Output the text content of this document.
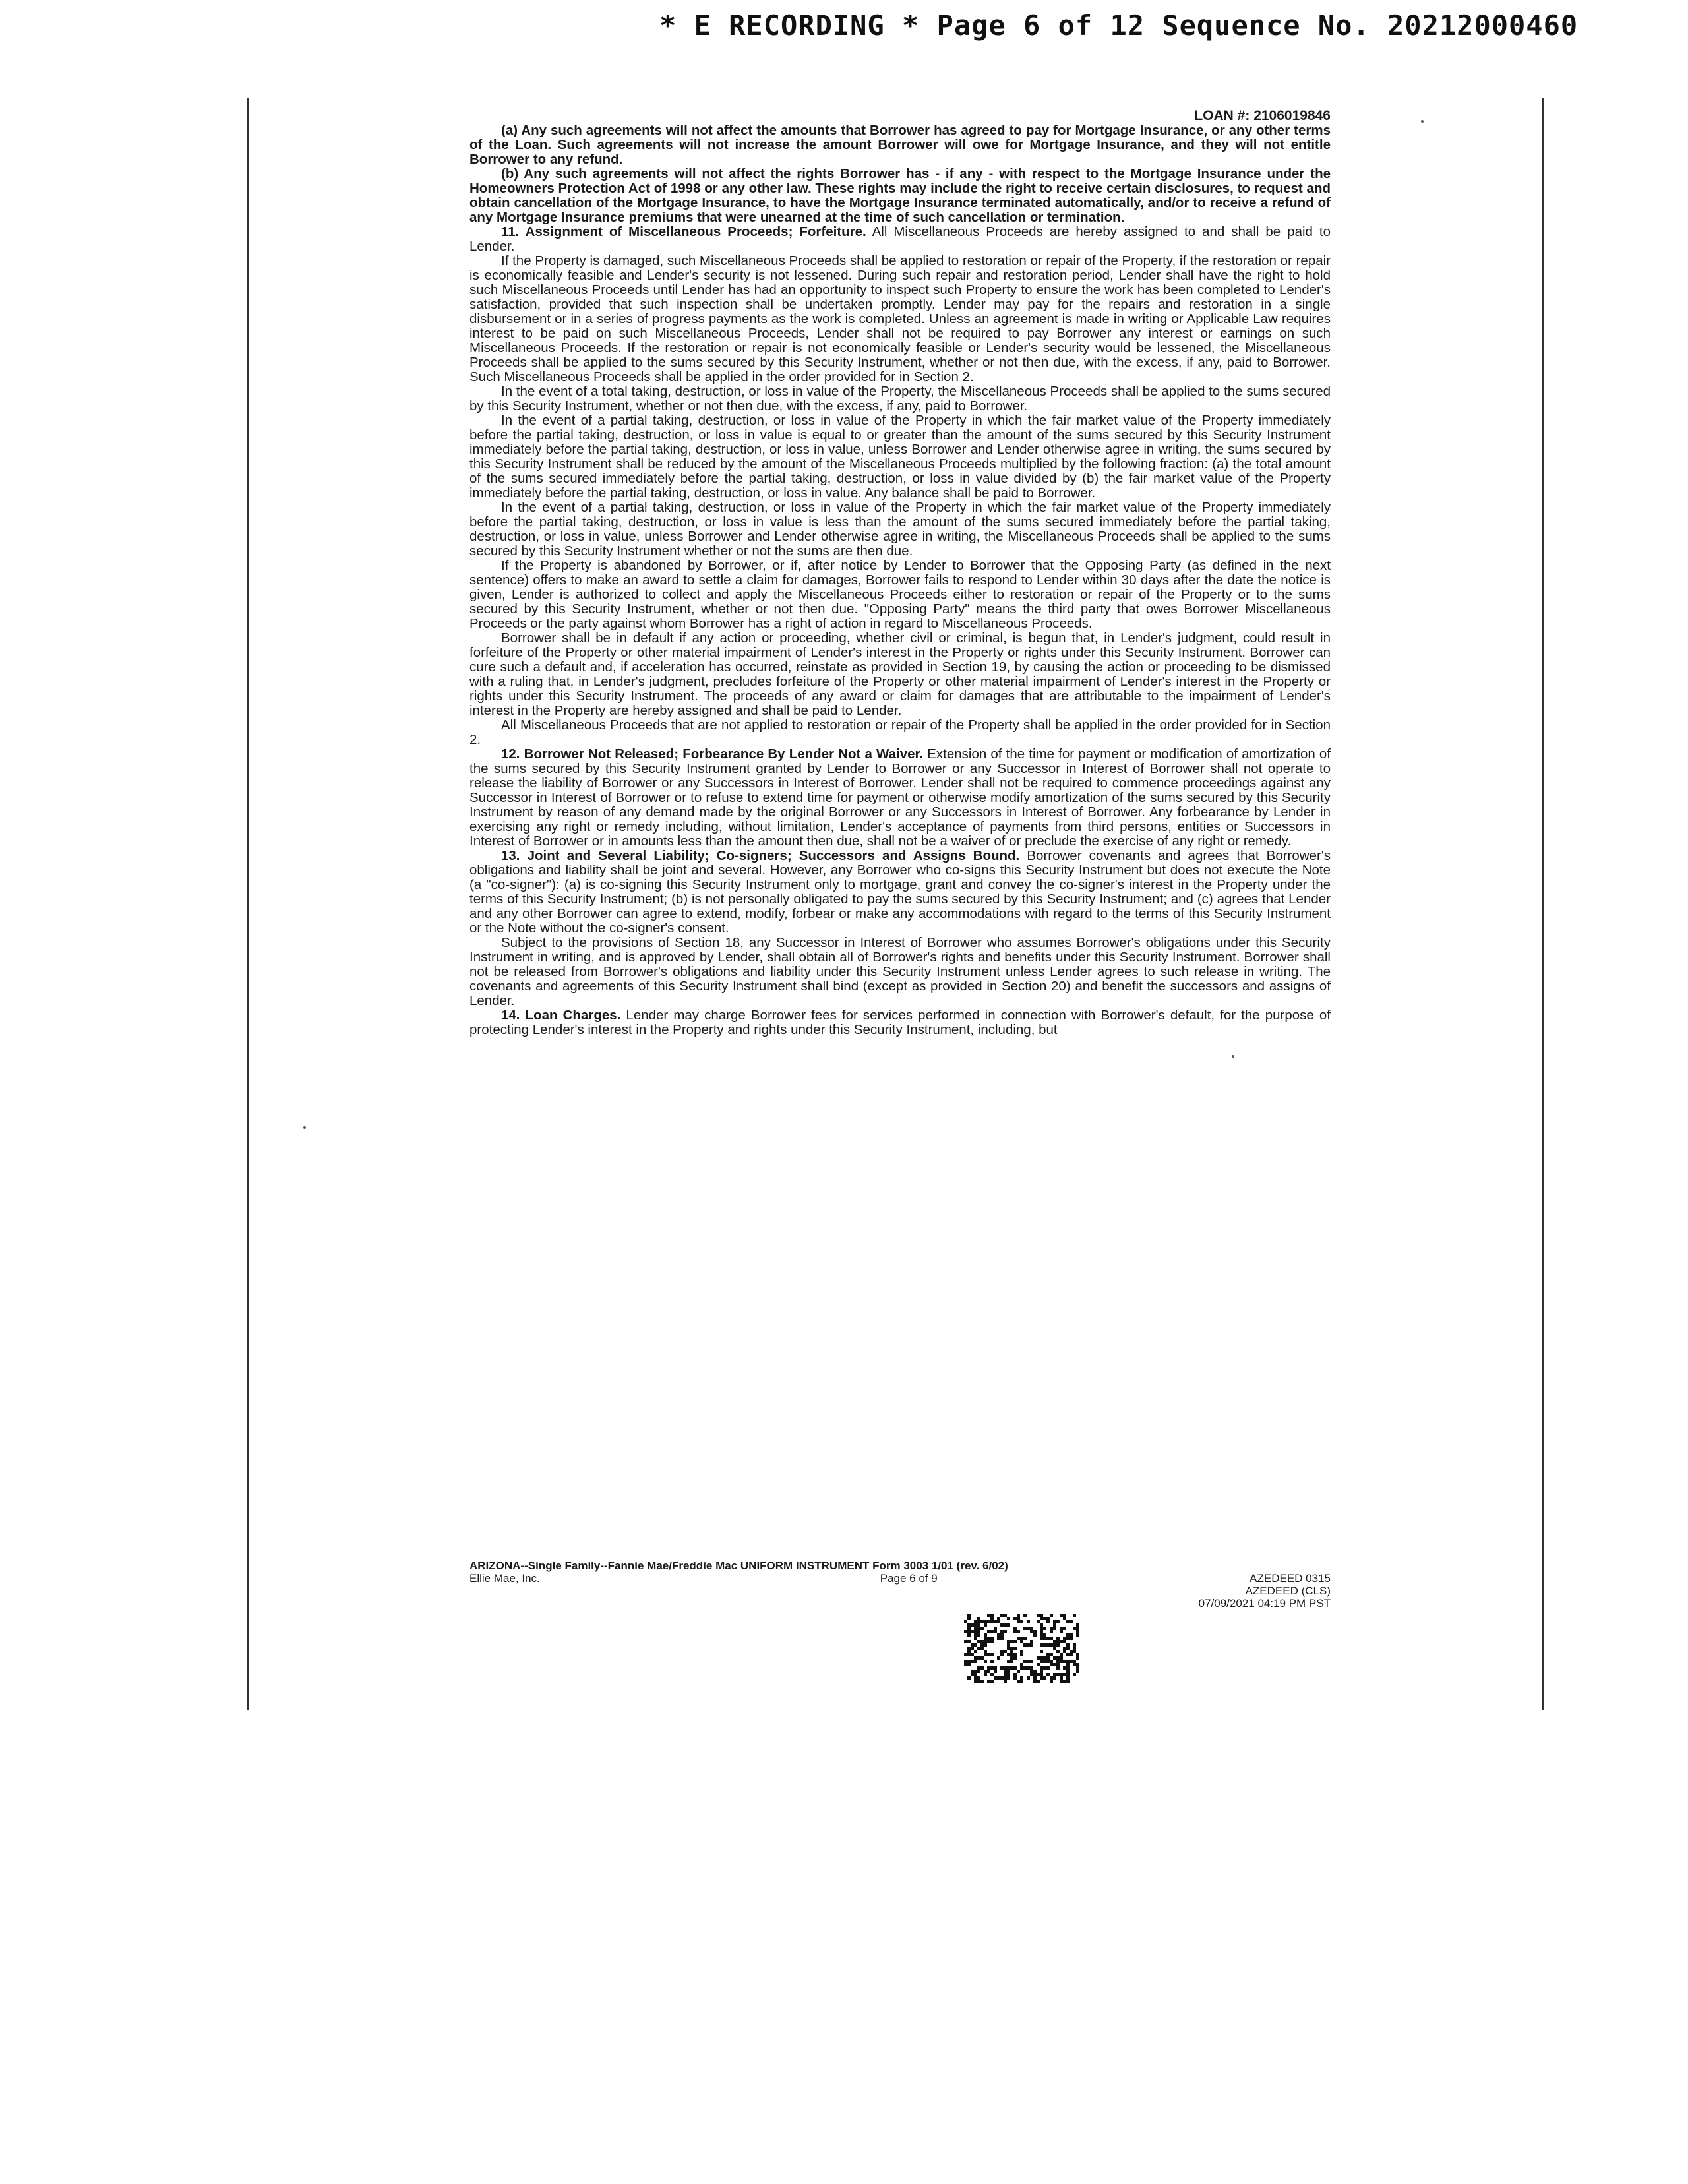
* E RECORDING * Page 6 of 12 Sequence No. 20212000460
LOAN #: 2106019846

(a) Any such agreements will not affect the amounts that Borrower has agreed to pay for Mortgage Insurance, or any other terms of the Loan. Such agreements will not increase the amount Borrower will owe for Mortgage Insurance, and they will not entitle Borrower to any refund.

(b) Any such agreements will not affect the rights Borrower has - if any - with respect to the Mortgage Insurance under the Homeowners Protection Act of 1998 or any other law. These rights may include the right to receive certain disclosures, to request and obtain cancellation of the Mortgage Insurance, to have the Mortgage Insurance terminated automatically, and/or to receive a refund of any Mortgage Insurance premiums that were unearned at the time of such cancellation or termination.

11. Assignment of Miscellaneous Proceeds; Forfeiture. All Miscellaneous Proceeds are hereby assigned to and shall be paid to Lender.

If the Property is damaged, such Miscellaneous Proceeds shall be applied to restoration or repair of the Property, if the restoration or repair is economically feasible and Lender's security is not lessened. During such repair and restoration period, Lender shall have the right to hold such Miscellaneous Proceeds until Lender has had an opportunity to inspect such Property to ensure the work has been completed to Lender's satisfaction, provided that such inspection shall be undertaken promptly. Lender may pay for the repairs and restoration in a single disbursement or in a series of progress payments as the work is completed. Unless an agreement is made in writing or Applicable Law requires interest to be paid on such Miscellaneous Proceeds, Lender shall not be required to pay Borrower any interest or earnings on such Miscellaneous Proceeds. If the restoration or repair is not economically feasible or Lender's security would be lessened, the Miscellaneous Proceeds shall be applied to the sums secured by this Security Instrument, whether or not then due, with the excess, if any, paid to Borrower. Such Miscellaneous Proceeds shall be applied in the order provided for in Section 2.

In the event of a total taking, destruction, or loss in value of the Property, the Miscellaneous Proceeds shall be applied to the sums secured by this Security Instrument, whether or not then due, with the excess, if any, paid to Borrower.

In the event of a partial taking, destruction, or loss in value of the Property in which the fair market value of the Property immediately before the partial taking, destruction, or loss in value is equal to or greater than the amount of the sums secured by this Security Instrument immediately before the partial taking, destruction, or loss in value, unless Borrower and Lender otherwise agree in writing, the sums secured by this Security Instrument shall be reduced by the amount of the Miscellaneous Proceeds multiplied by the following fraction: (a) the total amount of the sums secured immediately before the partial taking, destruction, or loss in value divided by (b) the fair market value of the Property immediately before the partial taking, destruction, or loss in value. Any balance shall be paid to Borrower.

In the event of a partial taking, destruction, or loss in value of the Property in which the fair market value of the Property immediately before the partial taking, destruction, or loss in value is less than the amount of the sums secured immediately before the partial taking, destruction, or loss in value, unless Borrower and Lender otherwise agree in writing, the Miscellaneous Proceeds shall be applied to the sums secured by this Security Instrument whether or not the sums are then due.

If the Property is abandoned by Borrower, or if, after notice by Lender to Borrower that the Opposing Party (as defined in the next sentence) offers to make an award to settle a claim for damages, Borrower fails to respond to Lender within 30 days after the date the notice is given, Lender is authorized to collect and apply the Miscellaneous Proceeds either to restoration or repair of the Property or to the sums secured by this Security Instrument, whether or not then due. "Opposing Party" means the third party that owes Borrower Miscellaneous Proceeds or the party against whom Borrower has a right of action in regard to Miscellaneous Proceeds.

Borrower shall be in default if any action or proceeding, whether civil or criminal, is begun that, in Lender's judgment, could result in forfeiture of the Property or other material impairment of Lender's interest in the Property or rights under this Security Instrument. Borrower can cure such a default and, if acceleration has occurred, reinstate as provided in Section 19, by causing the action or proceeding to be dismissed with a ruling that, in Lender's judgment, precludes forfeiture of the Property or other material impairment of Lender's interest in the Property or rights under this Security Instrument. The proceeds of any award or claim for damages that are attributable to the impairment of Lender's interest in the Property are hereby assigned and shall be paid to Lender.

All Miscellaneous Proceeds that are not applied to restoration or repair of the Property shall be applied in the order provided for in Section 2.

12. Borrower Not Released; Forbearance By Lender Not a Waiver. Extension of the time for payment or modification of amortization of the sums secured by this Security Instrument granted by Lender to Borrower or any Successor in Interest of Borrower shall not operate to release the liability of Borrower or any Successors in Interest of Borrower. Lender shall not be required to commence proceedings against any Successor in Interest of Borrower or to refuse to extend time for payment or otherwise modify amortization of the sums secured by this Security Instrument by reason of any demand made by the original Borrower or any Successors in Interest of Borrower. Any forbearance by Lender in exercising any right or remedy including, without limitation, Lender's acceptance of payments from third persons, entities or Successors in Interest of Borrower or in amounts less than the amount then due, shall not be a waiver of or preclude the exercise of any right or remedy.

13. Joint and Several Liability; Co-signers; Successors and Assigns Bound. Borrower covenants and agrees that Borrower's obligations and liability shall be joint and several. However, any Borrower who co-signs this Security Instrument but does not execute the Note (a "co-signer"): (a) is co-signing this Security Instrument only to mortgage, grant and convey the co-signer's interest in the Property under the terms of this Security Instrument; (b) is not personally obligated to pay the sums secured by this Security Instrument; and (c) agrees that Lender and any other Borrower can agree to extend, modify, forbear or make any accommodations with regard to the terms of this Security Instrument or the Note without the co-signer's consent.

Subject to the provisions of Section 18, any Successor in Interest of Borrower who assumes Borrower's obligations under this Security Instrument in writing, and is approved by Lender, shall obtain all of Borrower's rights and benefits under this Security Instrument. Borrower shall not be released from Borrower's obligations and liability under this Security Instrument unless Lender agrees to such release in writing. The covenants and agreements of this Security Instrument shall bind (except as provided in Section 20) and benefit the successors and assigns of Lender.

14. Loan Charges. Lender may charge Borrower fees for services performed in connection with Borrower's default, for the purpose of protecting Lender's interest in the Property and rights under this Security Instrument, including, but

ARIZONA--Single Family--Fannie Mae/Freddie Mac UNIFORM INSTRUMENT Form 3003 1/01 (rev. 6/02)
Ellie Mae, Inc.	Page 6 of 9	AZEDEED 0315
AZEDEED (CLS)
07/09/2021 04:19 PM PST
